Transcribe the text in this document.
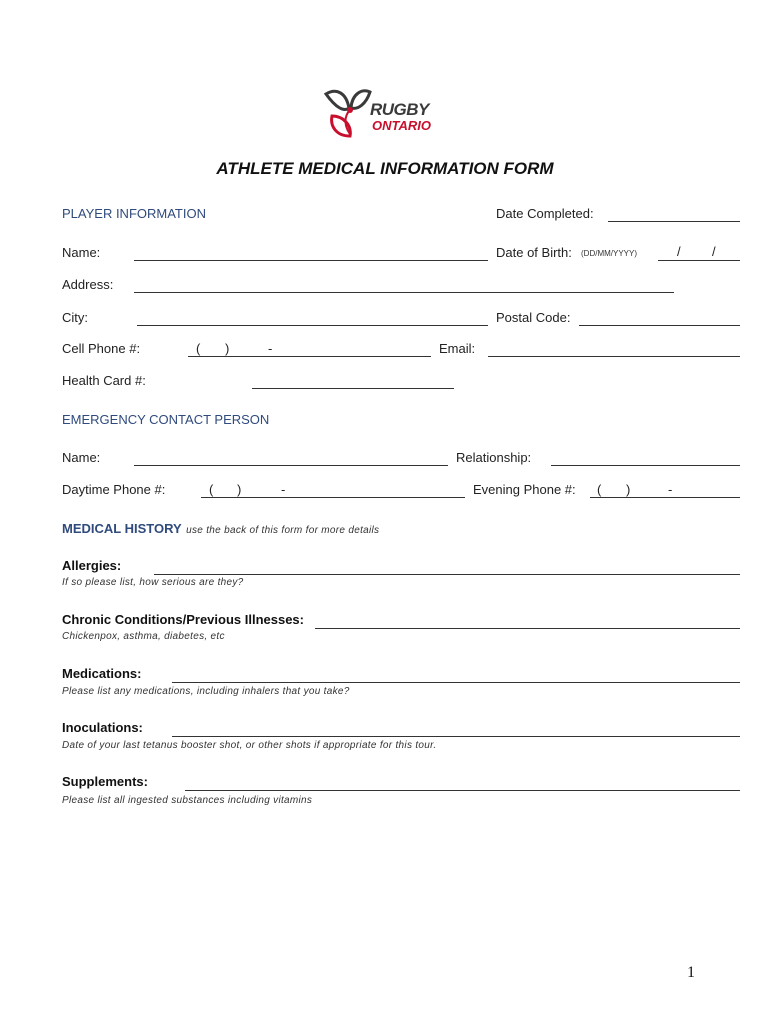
RUGBY
ONTARIO
ATHLETE MEDICAL INFORMATION FORM
PLAYER INFORMATION	Date Completed:
Name:	Date of Birth: (DD/MM/YYYY)	/ /
Address:
City:	Postal Code:
Cell Phone #:	( )	-	Email:
Health Card #:
EMERGENCY CONTACT PERSON
Name:	Relationship:
Daytime Phone #:	( )	-	Evening Phone #: ( )	-
MEDICAL HISTORY use the back of this form for more details
Allergies:
If so please list, how serious are they?
Chronic Conditions/Previous Illnesses:
Chickenpox, asthma, diabetes, etc
Medications:
Please list any medications, including inhalers that you take?
Inoculations:
Date of your last tetanus booster shot, or other shots if appropriate for this tour.
Supplements:
Please list all ingested substances including vitamins
1
